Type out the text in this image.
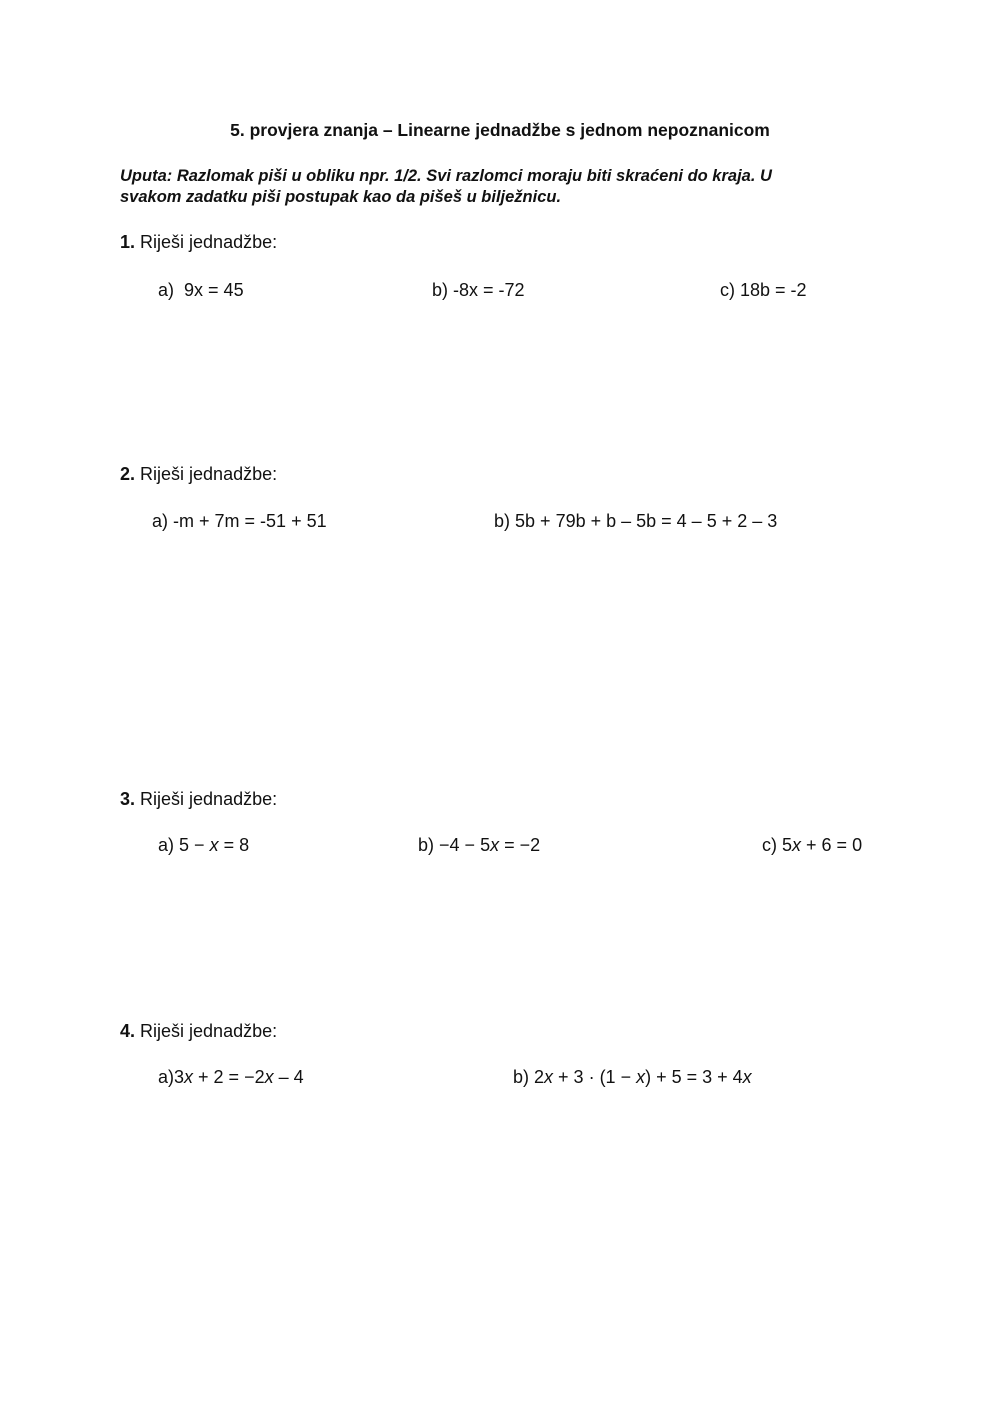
5. provjera znanja – Linearne jednadžbe s jednom nepoznanicom
Uputa: Razlomak piši u obliku npr. 1/2. Svi razlomci moraju biti skraćeni do kraja. U
svakom zadatku piši postupak kao da pišeš u bilježnicu.
1. Riješi jednadžbe:
a) 9x = 45	b) -8x = -72	c) 18b = -2
2. Riješi jednadžbe:
a) -m + 7m = -51 + 51	b) 5b + 79b + b – 5b = 4 – 5 + 2 – 3
3. Riješi jednadžbe:
a) 5 − x = 8	b) −4 − 5x = −2	c) 5x + 6 = 0
4. Riješi jednadžbe:
a)3x + 2 = −2x – 4	b) 2x + 3 · (1 − x) + 5 = 3 + 4x
